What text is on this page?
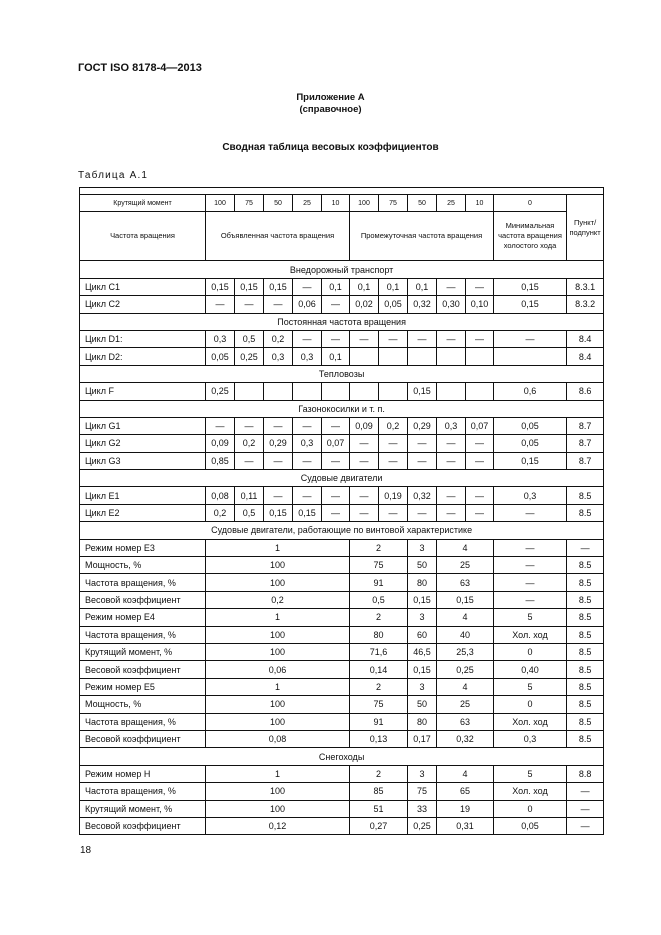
ГОСТ ISO 8178-4—2013
Приложение А
(справочное)
Сводная таблица весовых коэффициентов
Таблица А.1

Крутящий момент	100	75	50	25	10	100	75	50	25	10	0	Пункт/ подпункт
Частота вращения	Объявленная частота вращения					Промежуточная частота вращения					Минимальная частота вращения холостого хода	
Внедорожный транспорт												
Цикл С1	0,15	0,15	0,15	—	0,1	0,1	0,1	0,1	—	—	0,15	8.3.1
Цикл С2	—	—	—	0,06	—	0,02	0,05	0,32	0,30	0,10	0,15	8.3.2
Постоянная частота вращения												
Цикл D1:	0,3	0,5	0,2	—	—	—	—	—	—	—	—	8.4
Цикл D2:	0,05	0,25	0,3	0,3	0,1							8.4
Тепловозы												
Цикл F	0,25							0,15			0,6	8.6
Газонокосилки и т. п.												
Цикл G1	—	—	—	—	—	0,09	0,2	0,29	0,3	0,07	0,05	8.7
Цикл G2	0,09	0,2	0,29	0,3	0,07	—	—	—	—	—	0,05	8.7
Цикл G3	0,85	—	—	—	—	—	—	—	—	—	0,15	8.7
Судовые двигатели												
Цикл Е1	0,08	0,11	—	—	—	—	0,19	0,32	—	—	0,3	8.5
Цикл Е2	0,2	0,5	0,15	0,15	—	—	—	—	—	—	—	8.5
Судовые двигатели, работающие по винтовой характеристике												
Режим номер Е3	1					2		3	4		—	—
Мощность, %	100					75		50	25		—	8.5
Частота вращения, %	100					91		80	63		—	8.5
Весовой коэффициент	0,2					0,5		0,15	0,15		—	8.5
Режим номер Е4	1					2		3	4		5	8.5
Частота вращения, %	100					80		60	40		Хол. ход	8.5
Крутящий момент, %	100					71,6		46,5	25,3		0	8.5
Весовой коэффициент	0,06					0,14		0,15	0,25		0,40	8.5
Режим номер Е5	1					2		3	4		5	8.5
Мощность, %	100					75		50	25		0	8.5
Частота вращения, %	100					91		80	63		Хол. ход	8.5
Весовой коэффициент	0,08					0,13		0,17	0,32		0,3	8.5
Снегоходы												
Режим номер Н	1					2		3	4		5	8.8
Частота вращения, %	100					85		75	65		Хол. ход	—
Крутящий момент, %	100					51		33	19		0	—
Весовой коэффициент	0,12					0,27		0,25	0,31		0,05	—
18
